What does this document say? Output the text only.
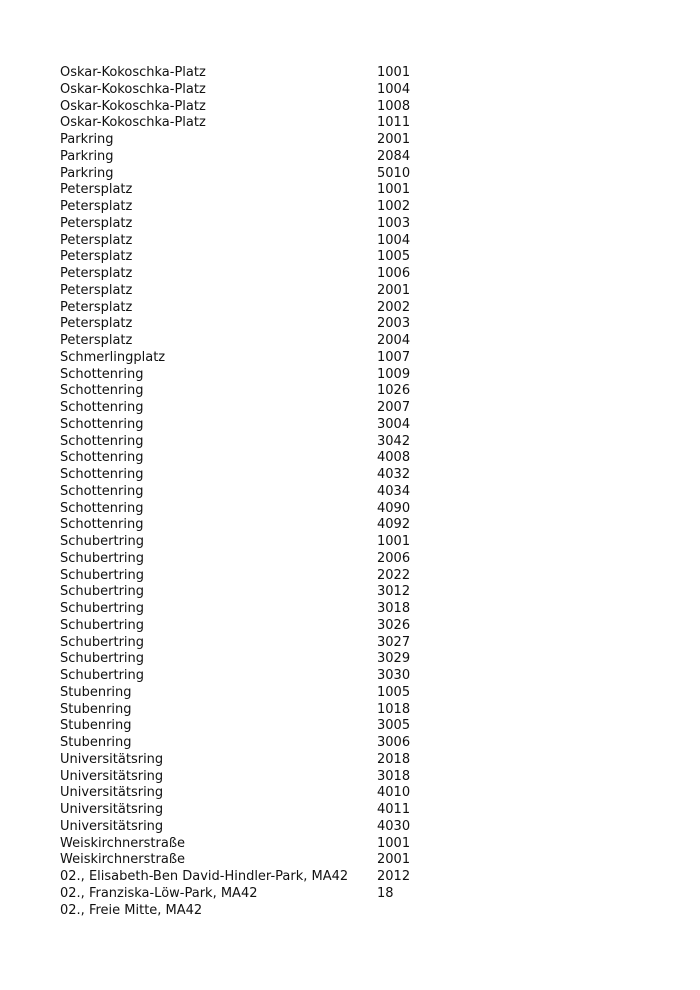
Oskar-Kokoschka-Platz	1001
Oskar-Kokoschka-Platz	1004
Oskar-Kokoschka-Platz	1008
Oskar-Kokoschka-Platz	1011
Parkring	2001
Parkring	2084
Parkring	5010
Petersplatz	1001
Petersplatz	1002
Petersplatz	1003
Petersplatz	1004
Petersplatz	1005
Petersplatz	1006
Petersplatz	2001
Petersplatz	2002
Petersplatz	2003
Petersplatz	2004
Schmerlingplatz	1007
Schottenring	1009
Schottenring	1026
Schottenring	2007
Schottenring	3004
Schottenring	3042
Schottenring	4008
Schottenring	4032
Schottenring	4034
Schottenring	4090
Schottenring	4092
Schubertring	1001
Schubertring	2006
Schubertring	2022
Schubertring	3012
Schubertring	3018
Schubertring	3026
Schubertring	3027
Schubertring	3029
Schubertring	3030
Stubenring	1005
Stubenring	1018
Stubenring	3005
Stubenring	3006
Universitätsring	2018
Universitätsring	3018
Universitätsring	4010
Universitätsring	4011
Universitätsring	4030
Weiskirchnerstraße	1001
Weiskirchnerstraße	2001
02., Elisabeth-Ben David-Hindler-Park, MA42	2012
02., Franziska-Löw-Park, MA42	18
02., Freie Mitte, MA42
